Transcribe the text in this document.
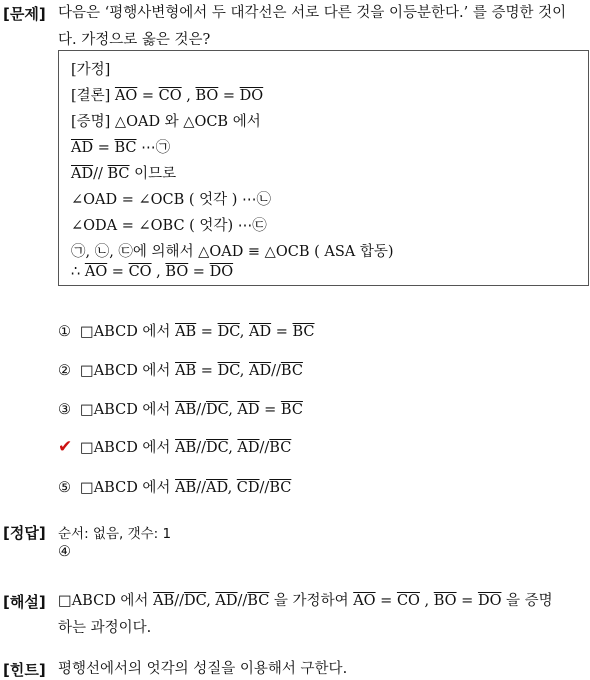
[문제] 다음은 ‘평행사변형에서 두 대각선은 서로 다른 것을 이등분한다.’ 를 증명한 것이
다. 가정으로 옳은 것은?
[가정]
[결론] $\overline{AO} = \overline{CO}$ , $\overline{BO} = \overline{DO}$
[증명] △OAD 와 △OCB 에서
$\overline{AD} = \overline{BC}$ ⋯㉠
$\overline{AD}//$ $\overline{BC}$ 이므로
∠OAD = ∠OCB ( 엇각 ) ⋯㉡
∠ODA = ∠OBC ( 엇각) ⋯㉢
㉠, ㉡, ㉢에 의해서 △OAD ≡ △OCB ( ASA 합동)
∴ $\overline{AO} = \overline{CO}$ , $\overline{BO} = \overline{DO}$
① □ABCD 에서 $\overline{AB} = \overline{DC}$, $\overline{AD} = \overline{BC}$
② □ABCD 에서 $\overline{AB} = \overline{DC}$, $\overline{AD}//\overline{BC}$
③ □ABCD 에서 $\overline{AB}//\overline{DC}$, $\overline{AD} = \overline{BC}$
✔ □ABCD 에서 $\overline{AB}//\overline{DC}$, $\overline{AD}//\overline{BC}$
⑤ □ABCD 에서 $\overline{AB}//\overline{AD}$, $\overline{CD}//\overline{BC}$
[정답] 순서: 없음, 갯수: 1
④
[해설] □ABCD 에서 $\overline{AB}//\overline{DC}$, $\overline{AD}//\overline{BC}$ 을 가정하여 $\overline{AO} = \overline{CO}$ , $\overline{BO} = \overline{DO}$ 을 증명
하는 과정이다.
[힌트] 평행선에서의 엇각의 성질을 이용해서 구한다.
